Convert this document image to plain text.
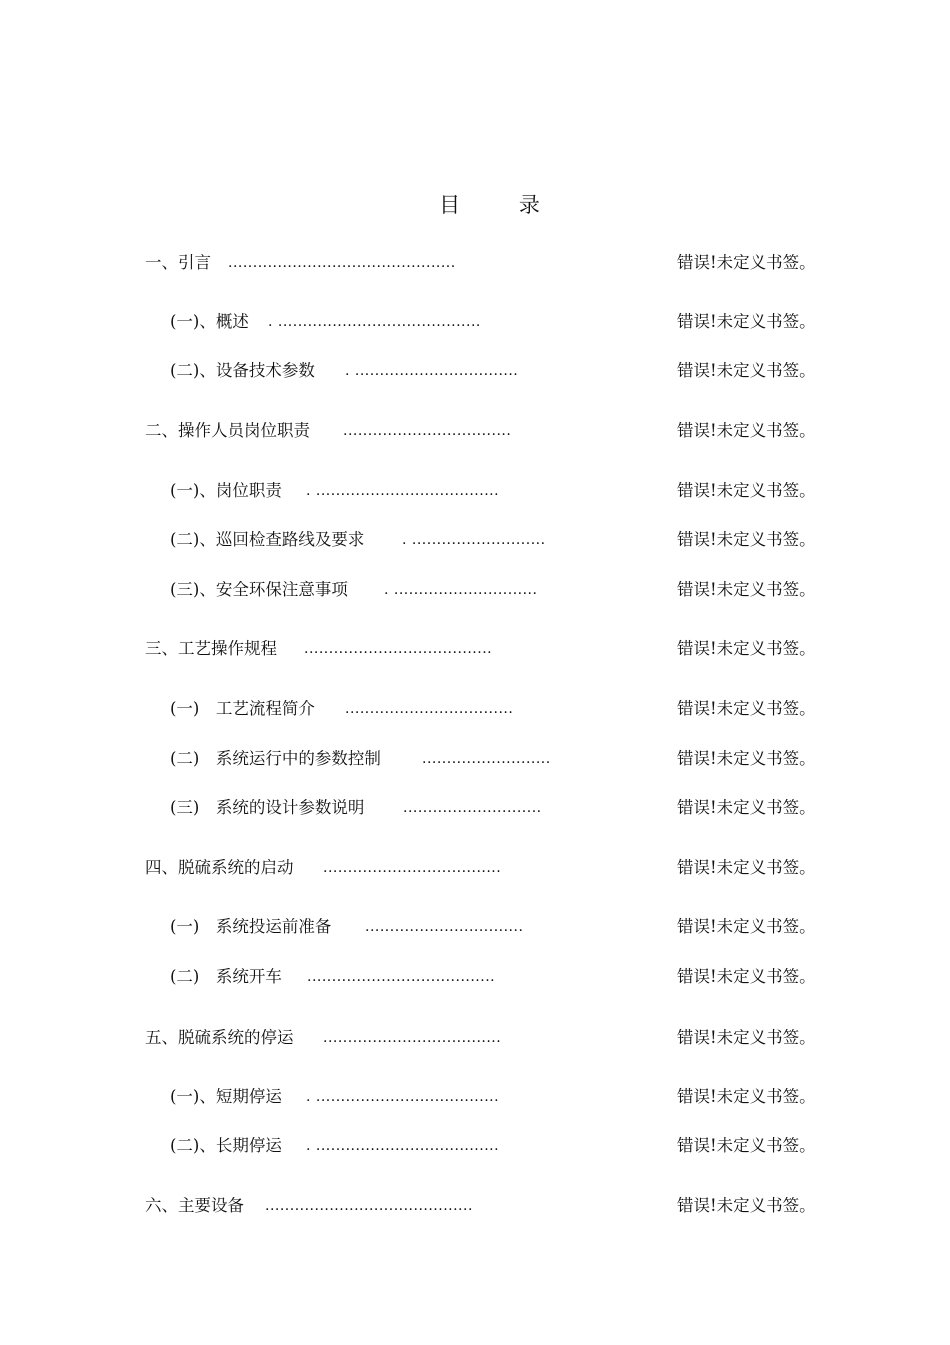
目 录
一、引言 ..............................................	错误!未定义书签。
(一)、概述 . .........................................	错误!未定义书签。
(二)、设备技术参数 . .................................	错误!未定义书签。
二、操作人员岗位职责 ..................................	错误!未定义书签。
(一)、岗位职责 . .....................................	错误!未定义书签。
(二)、巡回检查路线及要求	. ...........................	错误!未定义书签。
(三)、安全环保注意事项	. .............................	错误!未定义书签。
三、工艺操作规程 ......................................	错误!未定义书签。
(一)　工艺流程简介 ..................................	错误!未定义书签。
(二)　系统运行中的参数控制	..........................	错误!未定义书签。
(三)　系统的设计参数说明	............................	错误!未定义书签。
四、脱硫系统的启动 ....................................	错误!未定义书签。
(一)　系统投运前准备 ................................	错误!未定义书签。
(二)　系统开车 ......................................	错误!未定义书签。
五、脱硫系统的停运 ....................................	错误!未定义书签。
(一)、短期停运 . .....................................	错误!未定义书签。
(二)、长期停运 . .....................................	错误!未定义书签。
六、主要设备 ..........................................	错误!未定义书签。
